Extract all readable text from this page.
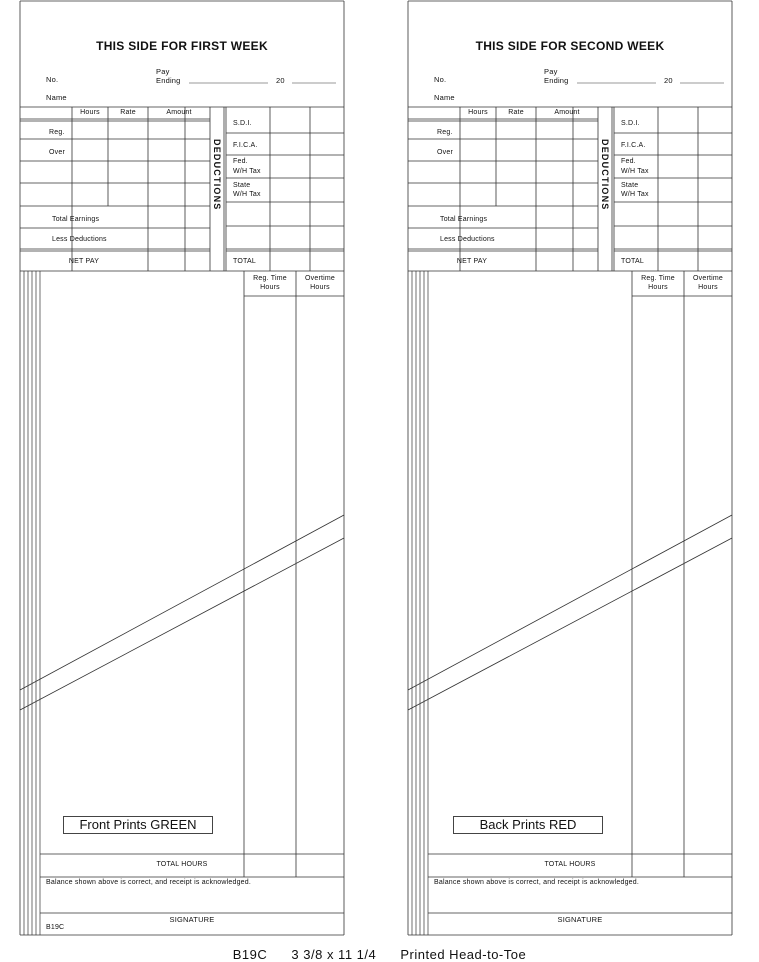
THIS SIDE FOR FIRST WEEK
No.
Pay
Ending	20
Name
Hours	Rate	Amount
Reg.
Over
Total Earnings
Less Deductions
NET PAY
DEDUCTIONS
S.D.I.
F.I.C.A.
Fed.
W/H Tax
State
W/H Tax
TOTAL
Reg. Time
Hours
Overtime
Hours
TOTAL HOURS
Balance shown above is correct, and receipt is acknowledged.
SIGNATURE
B19C
Front Prints GREEN
THIS SIDE FOR SECOND WEEK
No.
Pay
Ending	20
Name
Hours	Rate	Amount
Reg.
Over
Total Earnings
Less Deductions
NET PAY
DEDUCTIONS
S.D.I.
F.I.C.A.
Fed.
W/H Tax
State
W/H Tax
TOTAL
Reg. Time
Hours
Overtime
Hours
TOTAL HOURS
Balance shown above is correct, and receipt is acknowledged.
SIGNATURE
Back Prints RED
B19C 3 3/8 x 11 1/4 Printed Head-to-Toe
